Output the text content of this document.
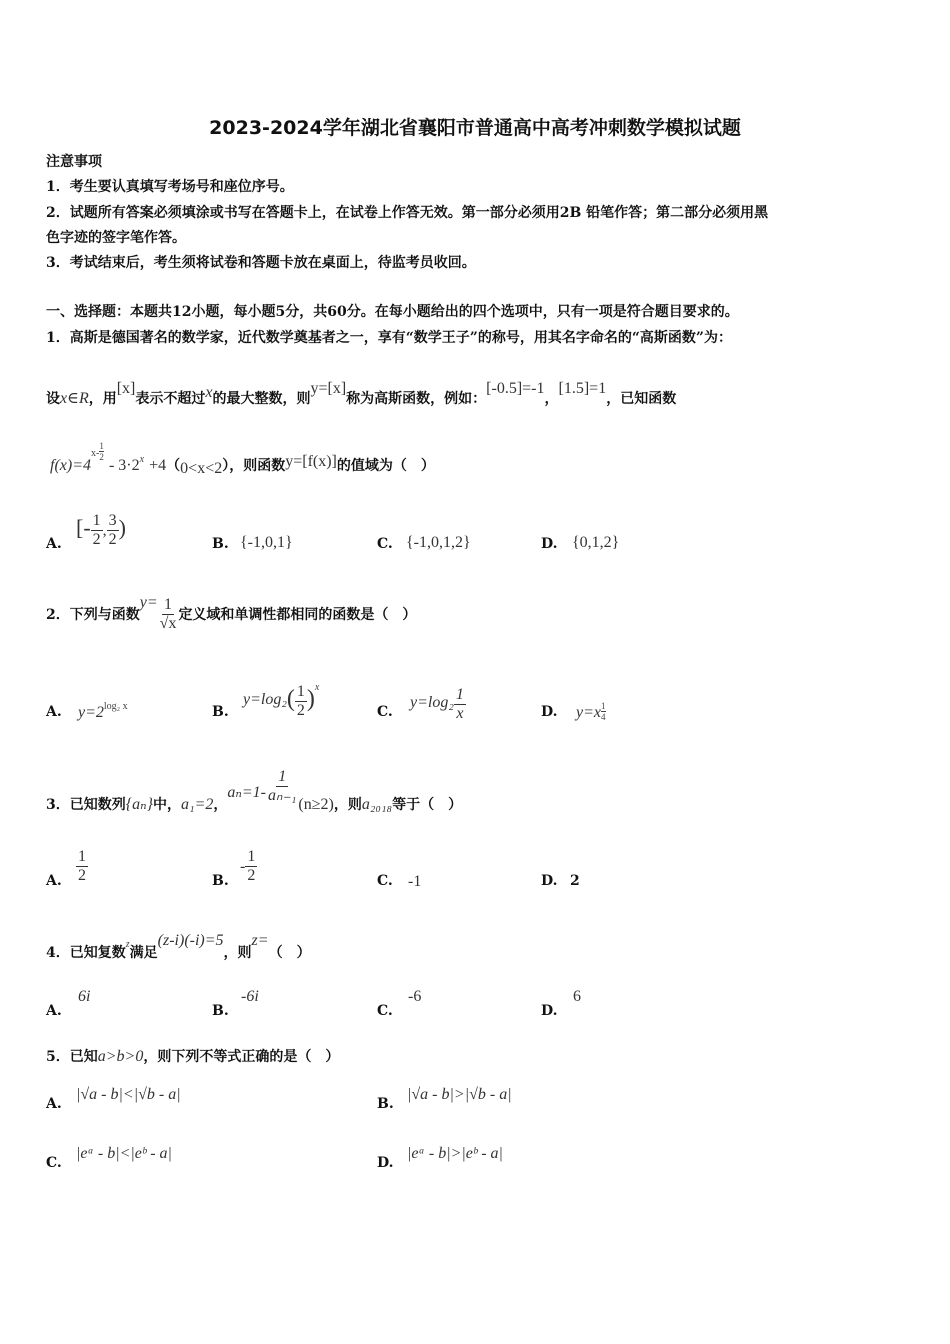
2023-2024学年湖北省襄阳市普通高中高考冲刺数学模拟试题
注意事项
1．考生要认真填写考场号和座位序号。
2．试题所有答案必须填涂或书写在答题卡上，在试卷上作答无效。第一部分必须用2B 铅笔作答；第二部分必须用黑
色字迹的签字笔作答。
3．考试结束后，考生须将试卷和答题卡放在桌面上，待监考员收回。
一、选择题：本题共12小题，每小题5分，共60分。在每小题给出的四个选项中，只有一项是符合题目要求的。
1．高斯是德国著名的数学家，近代数学奠基者之一，享有“数学王子”的称号，用其名字命名的“高斯函数”为：
设x∈R，用[x]表示不超过x的最大整数，则y=[x]称为高斯函数，例如：[-0.5]=-1，[1.5]=1，已知函数
$f(x)=4x- \frac{1}{2}$
- $3\cdot 2^x +4(0<x<2)$，则函数y=[f(x)]的值域为（　）
A.
[- $\frac{1}{2}$ , $\frac{3}{2}$ )
B. {-1,0,1}	C. {-1,0,1,2}	D. {0,1,2}
2．下列与函数$y= \frac{1}{√x}$ 定义域和单调性都相同的函数是（　）
A. $y=2^{log_2 x}$	B.
$y=\log_2( \frac{1}{2} )^x$
C.
$y=\log_2 \frac{1}{x}$	D. $y=x \frac{1}{4}$
3．已知数列{aₙ}中，a₁=2，$a_n=1- \frac{1}{\text{aₙ₋₁}} (n\ge 2)$，则a₂₀₁₈等于（　）
A. $\frac{1}{2}$	B.
- $\frac{1}{2}$	C. -1	D. 2
4．已知复数z满足(z-i)(-i)=5，则z=（　）
A.
6i
B.
-6i
C.
-6
D.
6
5．已知a>b>0，则下列不等式正确的是（　）
A.
|√a - b|<|√b - a|
B.
|√a - b|>|√b - a|
C.
|eᵃ - b|<|eᵇ - a|
D.
|eᵃ - b|>|eᵇ - a|
